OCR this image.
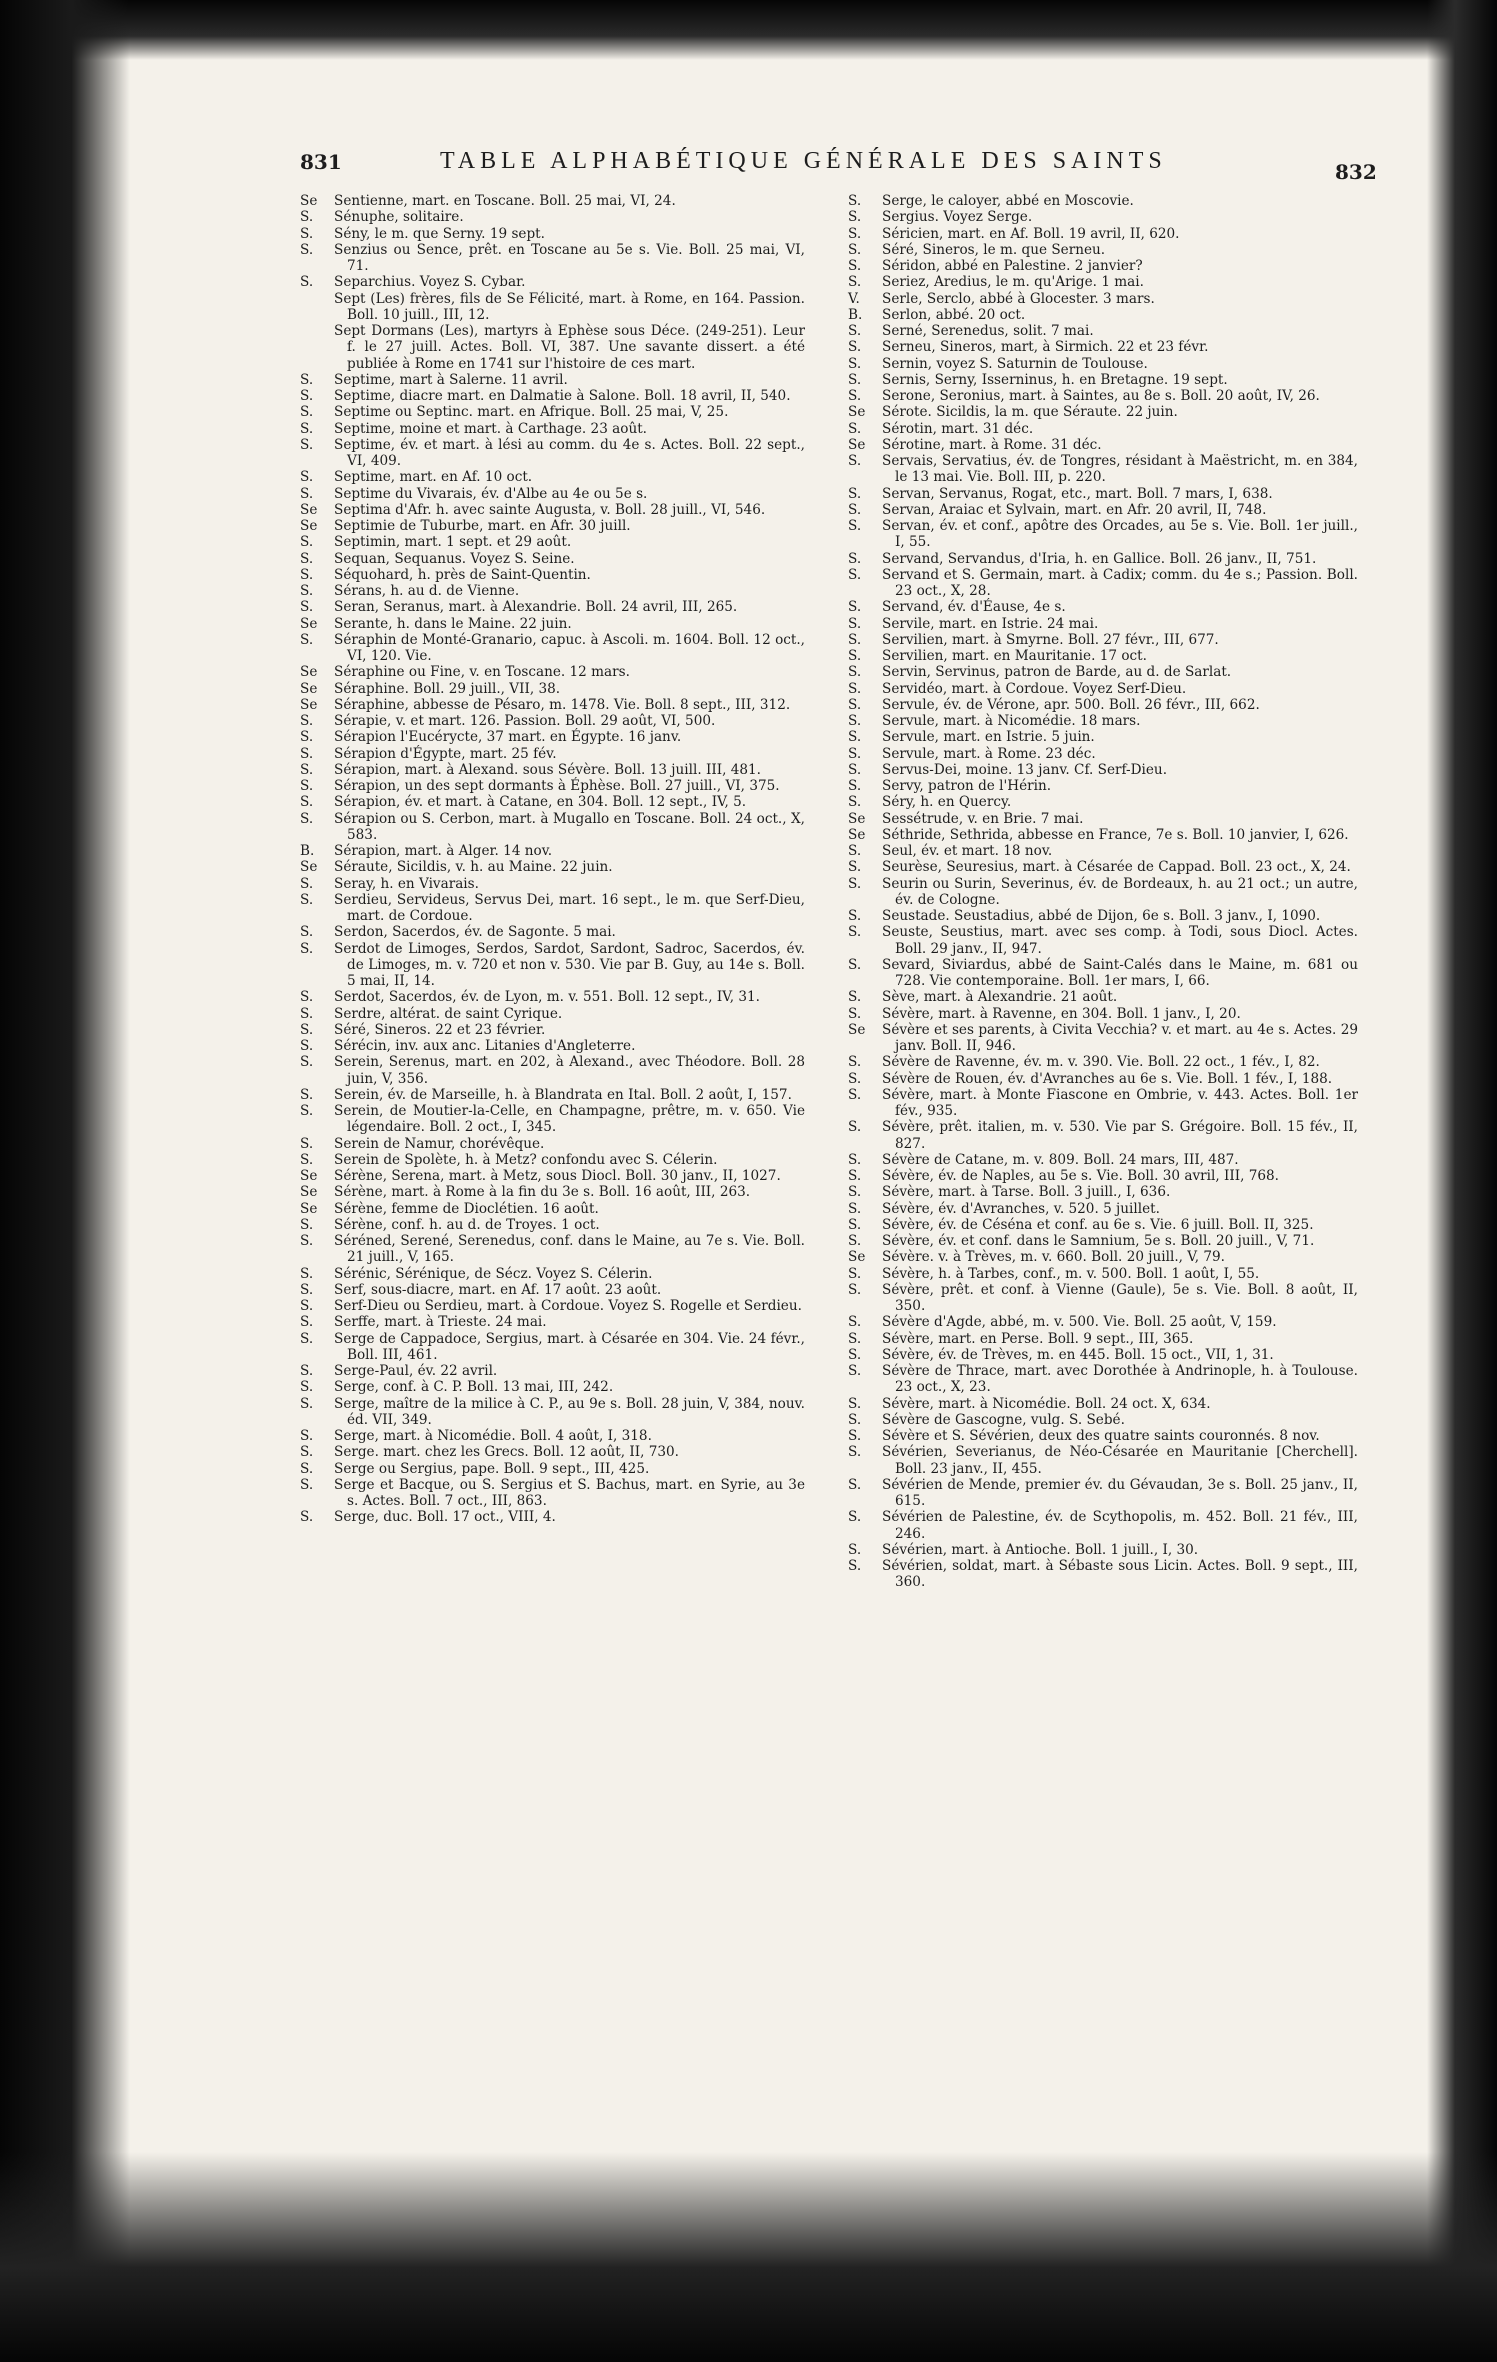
831	TABLE ALPHABÉTIQUE GÉNÉRALE DES SAINTS	832
Se	Sentienne, mart. en Toscane. Boll. 25 mai, VI, 24.
S.	Sénuphe, solitaire.
S.	Sény, le m. que Serny. 19 sept.
S.	Senzius ou Sence, prêt. en Toscane au 5e s. Vie. Boll. 25 mai, VI, 71.
S.	Separchius. Voyez S. Cybar.
Sept (Les) frères, fils de Se Félicité, mart. à Rome, en 164. Passion. Boll. 10 juill., III, 12.
Sept Dormans (Les), martyrs à Ephèse sous Déce. (249-251). Leur f. le 27 juill. Actes. Boll. VI, 387. Une savante dissert. a été publiée à Rome en 1741 sur l'histoire de ces mart.
S.	Septime, mart à Salerne. 11 avril.
S.	Septime, diacre mart. en Dalmatie à Salone. Boll. 18 avril, II, 540.
S.	Septime ou Septinc. mart. en Afrique. Boll. 25 mai, V, 25.
S.	Septime, moine et mart. à Carthage. 23 août.
S.	Septime, év. et mart. à lési au comm. du 4e s. Actes. Boll. 22 sept., VI, 409.
S.	Septime, mart. en Af. 10 oct.
S.	Septime du Vivarais, év. d'Albe au 4e ou 5e s.
Se	Septima d'Afr. h. avec sainte Augusta, v. Boll. 28 juill., VI, 546.
Se	Septimie de Tuburbe, mart. en Afr. 30 juill.
S.	Septimin, mart. 1 sept. et 29 août.
S.	Sequan, Sequanus. Voyez S. Seine.
S.	Séquohard, h. près de Saint-Quentin.
S.	Sérans, h. au d. de Vienne.
S.	Seran, Seranus, mart. à Alexandrie. Boll. 24 avril, III, 265.
Se	Serante, h. dans le Maine. 22 juin.
S.	Séraphin de Monté-Granario, capuc. à Ascoli. m. 1604. Boll. 12 oct., VI, 120. Vie.
Se	Séraphine ou Fine, v. en Toscane. 12 mars.
Se	Séraphine. Boll. 29 juill., VII, 38.
Se	Séraphine, abbesse de Pésaro, m. 1478. Vie. Boll. 8 sept., III, 312.
S.	Sérapie, v. et mart. 126. Passion. Boll. 29 août, VI, 500.
S.	Sérapion l'Eucérycte, 37 mart. en Égypte. 16 janv.
S.	Sérapion d'Égypte, mart. 25 fév.
S.	Sérapion, mart. à Alexand. sous Sévère. Boll. 13 juill. III, 481.
S.	Sérapion, un des sept dormants à Éphèse. Boll. 27 juill., VI, 375.
S.	Sérapion, év. et mart. à Catane, en 304. Boll. 12 sept., IV, 5.
S.	Sérapion ou S. Cerbon, mart. à Mugallo en Toscane. Boll. 24 oct., X, 583.
B.	Sérapion, mart. à Alger. 14 nov.
Se	Séraute, Sicildis, v. h. au Maine. 22 juin.
S.	Seray, h. en Vivarais.
S.	Serdieu, Servideus, Servus Dei, mart. 16 sept., le m. que Serf-Dieu, mart. de Cordoue.
S.	Serdon, Sacerdos, év. de Sagonte. 5 mai.
S.	Serdot de Limoges, Serdos, Sardot, Sardont, Sadroc, Sacerdos, év. de Limoges, m. v. 720 et non v. 530. Vie par B. Guy, au 14e s. Boll. 5 mai, II, 14.
S.	Serdot, Sacerdos, év. de Lyon, m. v. 551. Boll. 12 sept., IV, 31.
S.	Serdre, altérat. de saint Cyrique.
S.	Séré, Sineros. 22 et 23 février.
S.	Sérécin, inv. aux anc. Litanies d'Angleterre.
S.	Serein, Serenus, mart. en 202, à Alexand., avec Théodore. Boll. 28 juin, V, 356.
S.	Serein, év. de Marseille, h. à Blandrata en Ital. Boll. 2 août, I, 157.
S.	Serein, de Moutier-la-Celle, en Champagne, prêtre, m. v. 650. Vie légendaire. Boll. 2 oct., I, 345.
S.	Serein de Namur, chorévêque.
S.	Serein de Spolète, h. à Metz? confondu avec S. Célerin.
Se	Sérène, Serena, mart. à Metz, sous Diocl. Boll. 30 janv., II, 1027.
Se	Sérène, mart. à Rome à la fin du 3e s. Boll. 16 août, III, 263.
Se	Sérène, femme de Dioclétien. 16 août.
S.	Sérène, conf. h. au d. de Troyes. 1 oct.
S.	Séréned, Serené, Serenedus, conf. dans le Maine, au 7e s. Vie. Boll. 21 juill., V, 165.
S.	Sérénic, Sérénique, de Sécz. Voyez S. Célerin.
S.	Serf, sous-diacre, mart. en Af. 17 août. 23 août.
S.	Serf-Dieu ou Serdieu, mart. à Cordoue. Voyez S. Rogelle et Serdieu.
S.	Serffe, mart. à Trieste. 24 mai.
S.	Serge de Cappadoce, Sergius, mart. à Césarée en 304. Vie. 24 févr., Boll. III, 461.
S.	Serge-Paul, év. 22 avril.
S.	Serge, conf. à C. P. Boll. 13 mai, III, 242.
S.	Serge, maître de la milice à C. P., au 9e s. Boll. 28 juin, V, 384, nouv. éd. VII, 349.
S.	Serge, mart. à Nicomédie. Boll. 4 août, I, 318.
S.	Serge. mart. chez les Grecs. Boll. 12 août, II, 730.
S.	Serge ou Sergius, pape. Boll. 9 sept., III, 425.
S.	Serge et Bacque, ou S. Sergius et S. Bachus, mart. en Syrie, au 3e s. Actes. Boll. 7 oct., III, 863.
S.	Serge, duc. Boll. 17 oct., VIII, 4.
S.	Serge, le caloyer, abbé en Moscovie.
S.	Sergius. Voyez Serge.
S.	Séricien, mart. en Af. Boll. 19 avril, II, 620.
S.	Séré, Sineros, le m. que Serneu.
S.	Séridon, abbé en Palestine. 2 janvier?
S.	Seriez, Aredius, le m. qu'Arige. 1 mai.
V.	Serle, Serclo, abbé à Glocester. 3 mars.
B.	Serlon, abbé. 20 oct.
S.	Serné, Serenedus, solit. 7 mai.
S.	Serneu, Sineros, mart, à Sirmich. 22 et 23 févr.
S.	Sernin, voyez S. Saturnin de Toulouse.
S.	Sernis, Serny, Isserninus, h. en Bretagne. 19 sept.
S.	Serone, Seronius, mart. à Saintes, au 8e s. Boll. 20 août, IV, 26.
Se	Sérote. Sicildis, la m. que Séraute. 22 juin.
S.	Sérotin, mart. 31 déc.
Se	Sérotine, mart. à Rome. 31 déc.
S.	Servais, Servatius, év. de Tongres, résidant à Maëstricht, m. en 384, le 13 mai. Vie. Boll. III, p. 220.
S.	Servan, Servanus, Rogat, etc., mart. Boll. 7 mars, I, 638.
S.	Servan, Araiac et Sylvain, mart. en Afr. 20 avril, II, 748.
S.	Servan, év. et conf., apôtre des Orcades, au 5e s. Vie. Boll. 1er juill., I, 55.
S.	Servand, Servandus, d'Iria, h. en Gallice. Boll. 26 janv., II, 751.
S.	Servand et S. Germain, mart. à Cadix; comm. du 4e s.; Passion. Boll. 23 oct., X, 28.
S.	Servand, év. d'Éause, 4e s.
S.	Servile, mart. en Istrie. 24 mai.
S.	Servilien, mart. à Smyrne. Boll. 27 févr., III, 677.
S.	Servilien, mart. en Mauritanie. 17 oct.
S.	Servin, Servinus, patron de Barde, au d. de Sarlat.
S.	Servidéo, mart. à Cordoue. Voyez Serf-Dieu.
S.	Servule, év. de Vérone, apr. 500. Boll. 26 févr., III, 662.
S.	Servule, mart. à Nicomédie. 18 mars.
S.	Servule, mart. en Istrie. 5 juin.
S.	Servule, mart. à Rome. 23 déc.
S.	Servus-Dei, moine. 13 janv. Cf. Serf-Dieu.
S.	Servy, patron de l'Hérin.
S.	Séry, h. en Quercy.
Se	Sessétrude, v. en Brie. 7 mai.
Se	Séthride, Sethrida, abbesse en France, 7e s. Boll. 10 janvier, I, 626.
S.	Seul, év. et mart. 18 nov.
S.	Seurèse, Seuresius, mart. à Césarée de Cappad. Boll. 23 oct., X, 24.
S.	Seurin ou Surin, Severinus, év. de Bordeaux, h. au 21 oct.; un autre, év. de Cologne.
S.	Seustade. Seustadius, abbé de Dijon, 6e s. Boll. 3 janv., I, 1090.
S.	Seuste, Seustius, mart. avec ses comp. à Todi, sous Diocl. Actes. Boll. 29 janv., II, 947.
S.	Sevard, Siviardus, abbé de Saint-Calés dans le Maine, m. 681 ou 728. Vie contemporaine. Boll. 1er mars, I, 66.
S.	Sève, mart. à Alexandrie. 21 août.
S.	Sévère, mart. à Ravenne, en 304. Boll. 1 janv., I, 20.
Se	Sévère et ses parents, à Civita Vecchia? v. et mart. au 4e s. Actes. 29 janv. Boll. II, 946.
S.	Sévère de Ravenne, év. m. v. 390. Vie. Boll. 22 oct., 1 fév., I, 82.
S.	Sévère de Rouen, év. d'Avranches au 6e s. Vie. Boll. 1 fév., I, 188.
S.	Sévère, mart. à Monte Fiascone en Ombrie, v. 443. Actes. Boll. 1er fév., 935.
S.	Sévère, prêt. italien, m. v. 530. Vie par S. Grégoire. Boll. 15 fév., II, 827.
S.	Sévère de Catane, m. v. 809. Boll. 24 mars, III, 487.
S.	Sévère, év. de Naples, au 5e s. Vie. Boll. 30 avril, III, 768.
S.	Sévère, mart. à Tarse. Boll. 3 juill., I, 636.
S.	Sévère, év. d'Avranches, v. 520. 5 juillet.
S.	Sévère, év. de Céséna et conf. au 6e s. Vie. 6 juill. Boll. II, 325.
S.	Sévère, év. et conf. dans le Samnium, 5e s. Boll. 20 juill., V, 71.
Se	Sévère. v. à Trèves, m. v. 660. Boll. 20 juill., V, 79.
S.	Sévère, h. à Tarbes, conf., m. v. 500. Boll. 1 août, I, 55.
S.	Sévère, prêt. et conf. à Vienne (Gaule), 5e s. Vie. Boll. 8 août, II, 350.
S.	Sévère d'Agde, abbé, m. v. 500. Vie. Boll. 25 août, V, 159.
S.	Sévère, mart. en Perse. Boll. 9 sept., III, 365.
S.	Sévère, év. de Trèves, m. en 445. Boll. 15 oct., VII, 1, 31.
S.	Sévère de Thrace, mart. avec Dorothée à Andrinople, h. à Toulouse. 23 oct., X, 23.
S.	Sévère, mart. à Nicomédie. Boll. 24 oct. X, 634.
S.	Sévère de Gascogne, vulg. S. Sebé.
S.	Sévère et S. Sévérien, deux des quatre saints couronnés. 8 nov.
S.	Sévérien, Severianus, de Néo-Césarée en Mauritanie [Cherchell]. Boll. 23 janv., II, 455.
S.	Sévérien de Mende, premier év. du Gévaudan, 3e s. Boll. 25 janv., II, 615.
S.	Sévérien de Palestine, év. de Scythopolis, m. 452. Boll. 21 fév., III, 246.
S.	Sévérien, mart. à Antioche. Boll. 1 juill., I, 30.
S.	Sévérien, soldat, mart. à Sébaste sous Licin. Actes. Boll. 9 sept., III, 360.
